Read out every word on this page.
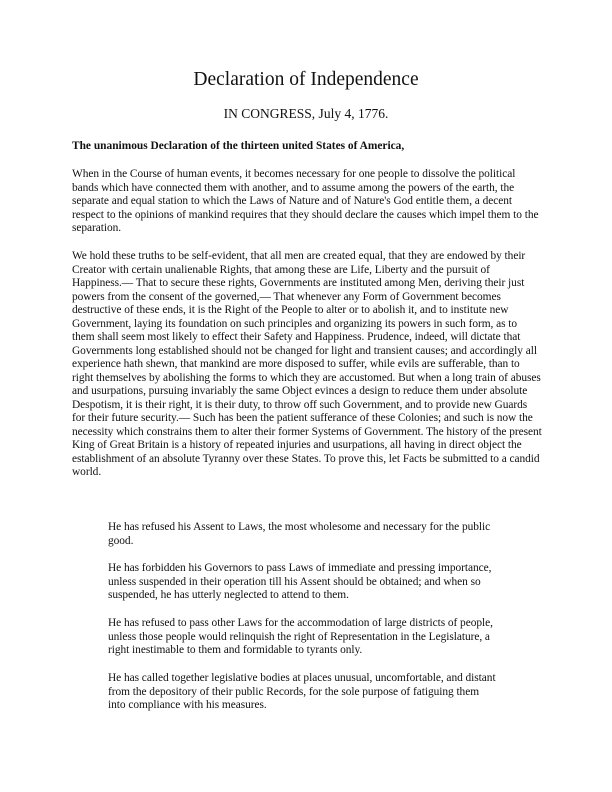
Declaration of Independence
IN CONGRESS, July 4, 1776.
The unanimous Declaration of the thirteen united States of America,

When in the Course of human events, it becomes necessary for one people to dissolve the political bands which have connected them with another, and to assume among the powers of the earth, the separate and equal station to which the Laws of Nature and of Nature's God entitle them, a decent respect to the opinions of mankind requires that they should declare the causes which impel them to the separation.

We hold these truths to be self-evident, that all men are created equal, that they are endowed by their Creator with certain unalienable Rights, that among these are Life, Liberty and the pursuit of Happiness.— That to secure these rights, Governments are instituted among Men, deriving their just powers from the consent of the governed,— That whenever any Form of Government becomes destructive of these ends, it is the Right of the People to alter or to abolish it, and to institute new Government, laying its foundation on such principles and organizing its powers in such form, as to them shall seem most likely to effect their Safety and Happiness. Prudence, indeed, will dictate that Governments long established should not be changed for light and transient causes; and accordingly all experience hath shewn, that mankind are more disposed to suffer, while evils are sufferable, than to right themselves by abolishing the forms to which they are accustomed. But when a long train of abuses and usurpations, pursuing invariably the same Object evinces a design to reduce them under absolute Despotism, it is their right, it is their duty, to throw off such Government, and to provide new Guards for their future security.— Such has been the patient sufferance of these Colonies; and such is now the necessity which constrains them to alter their former Systems of Government. The history of the present King of Great Britain is a history of repeated injuries and usurpations, all having in direct object the establishment of an absolute Tyranny over these States. To prove this, let Facts be submitted to a candid world.

He has refused his Assent to Laws, the most wholesome and necessary for the public good.

He has forbidden his Governors to pass Laws of immediate and pressing importance, unless suspended in their operation till his Assent should be obtained; and when so suspended, he has utterly neglected to attend to them.

He has refused to pass other Laws for the accommodation of large districts of people, unless those people would relinquish the right of Representation in the Legislature, a right inestimable to them and formidable to tyrants only.

He has called together legislative bodies at places unusual, uncomfortable, and distant from the depository of their public Records, for the sole purpose of fatiguing them into compliance with his measures.
